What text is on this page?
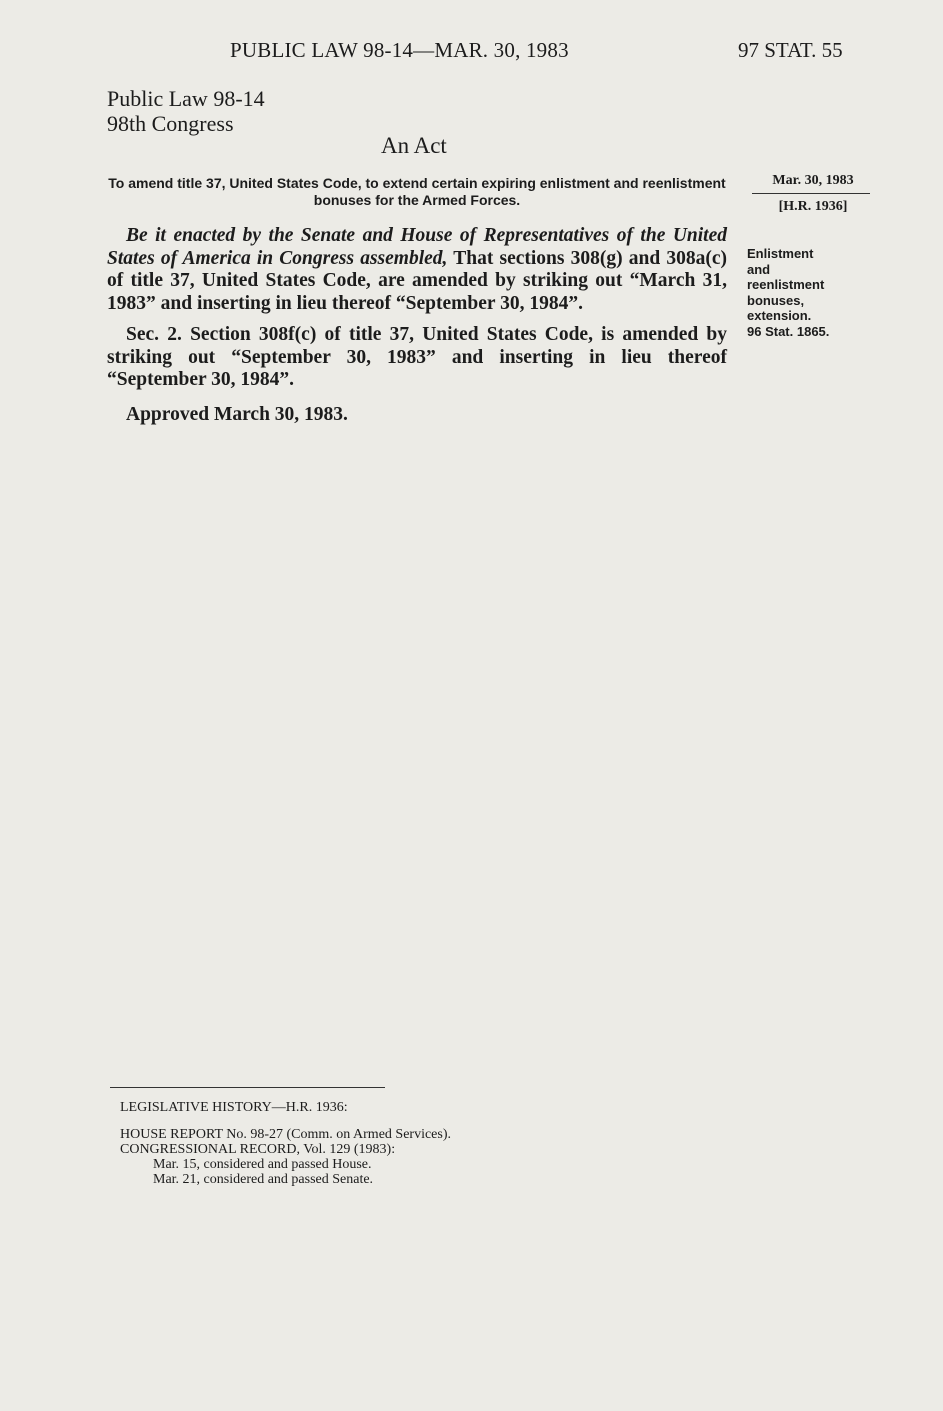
PUBLIC LAW 98-14—MAR. 30, 1983	97 STAT. 55
Public Law 98-14
98th Congress
An Act
To amend title 37, United States Code, to extend certain expiring enlistment and reenlistment bonuses for the Armed Forces.
Mar. 30, 1983
[H.R. 1936]

Be it enacted by the Senate and House of Representatives of the United States of America in Congress assembled, That sections 308(g) and 308a(c) of title 37, United States Code, are amended by striking out “March 31, 1983” and inserting in lieu thereof “September 30, 1984”.

Enlistment
and
reenlistment
bonuses,
extension.
96 Stat. 1865.

Sec. 2. Section 308f(c) of title 37, United States Code, is amended by striking out “September 30, 1983” and inserting in lieu thereof “September 30, 1984”.

Approved March 30, 1983.
LEGISLATIVE HISTORY—H.R. 1936:
HOUSE REPORT No. 98-27 (Comm. on Armed Services).
CONGRESSIONAL RECORD, Vol. 129 (1983):
Mar. 15, considered and passed House.
Mar. 21, considered and passed Senate.
